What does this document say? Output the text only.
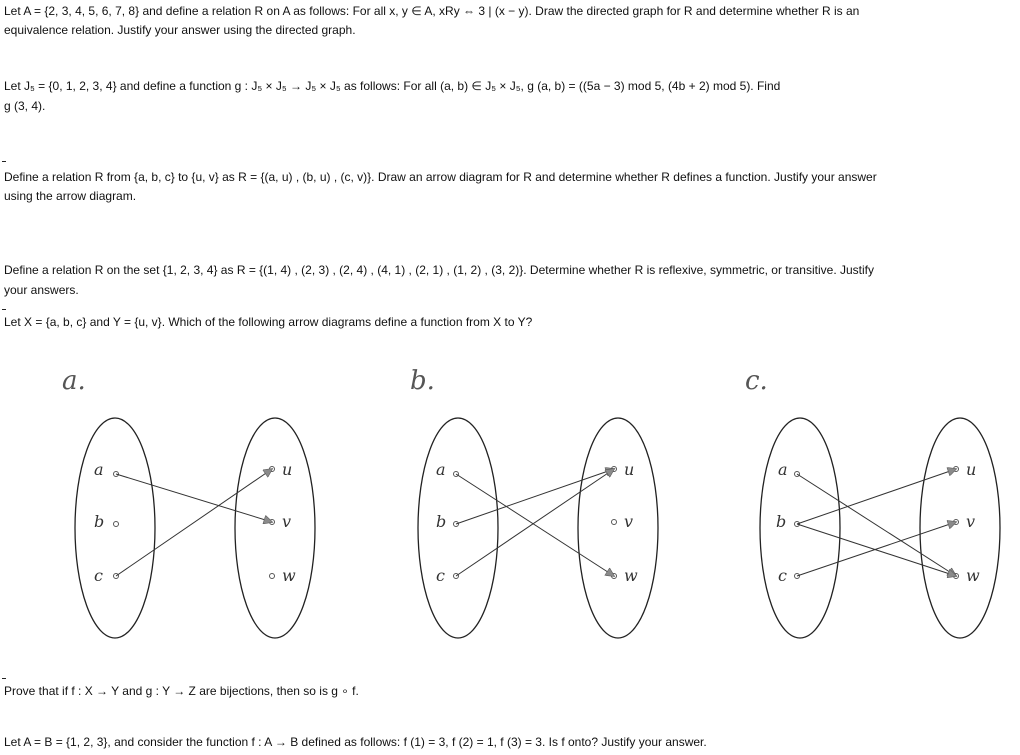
Let A = {2, 3, 4, 5, 6, 7, 8} and define a relation R on A as follows: For all x, y ∈ A, xRy ⇔ 3 | (x − y). Draw the directed graph for R and determine whether R is an
equivalence relation. Justify your answer using the directed graph.
Let J₅ = {0, 1, 2, 3, 4} and define a function g : J₅ × J₅ → J₅ × J₅ as follows: For all (a, b) ∈ J₅ × J₅, g (a, b) = ((5a − 3) mod 5, (4b + 2) mod 5). Find
g (3, 4).
Define a relation R from {a, b, c} to {u, v} as R = {(a, u) , (b, u) , (c, v)}. Draw an arrow diagram for R and determine whether R defines a function. Justify your answer
using the arrow diagram.
Define a relation R on the set {1, 2, 3, 4} as R = {(1, 4) , (2, 3) , (2, 4) , (4, 1) , (2, 1) , (1, 2) , (3, 2)}. Determine whether R is reflexive, symmetric, or transitive. Justify
your answers.
Let X = {a, b, c} and Y = {u, v}. Which of the following arrow diagrams define a function from X to Y?
a.
a
b
c
u
v
w
b.
a
b
c
u
v
w
c.
a
b
c
u
v
w
Prove that if f : X → Y and g : Y → Z are bijections, then so is g ∘ f.
Let A = B = {1, 2, 3}, and consider the function f : A → B defined as follows: f (1) = 3, f (2) = 1, f (3) = 3. Is f onto? Justify your answer.
